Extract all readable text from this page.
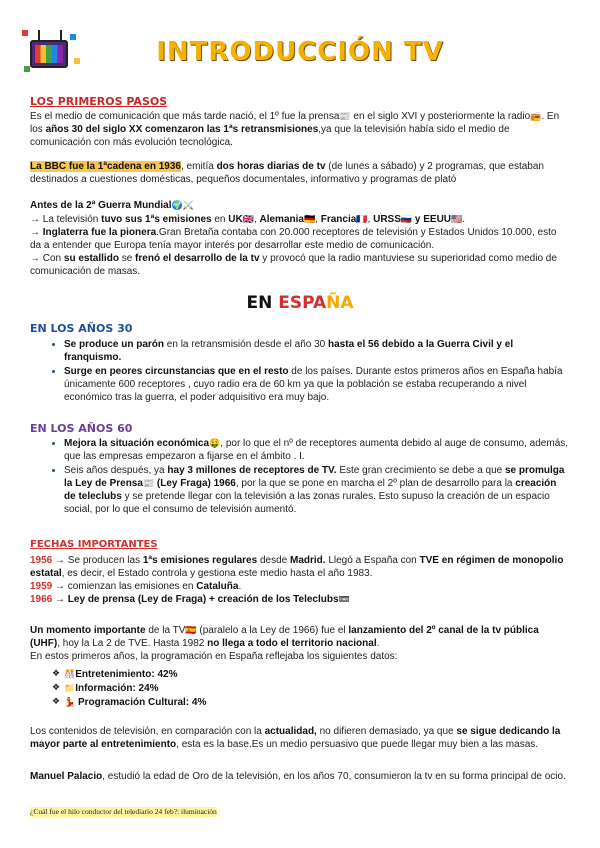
INTRODUCCIÓN TV
LOS PRIMEROS PASOS
Es el medio de comunicación que más tarde nació, el 1º fue la prensa📰 en el siglo XVI y posteriormente la radio📻. En los años 30 del siglo XX comenzaron las 1ªs retransmisiones,ya que la televisión había sido el medio de comunicación con más evolución tecnológica.
La BBC fue la 1ªcadena en 1936, emitía dos horas diarias de tv (de lunes a sábado) y 2 programas, que estaban destinados a cuestiones domésticas, pequeños documentales, informativo y programas de plató
Antes de la 2ª Guerra Mundial🌍⚔️
→ La televisión tuvo sus 1ªs emisiones en UK🇬🇧, Alemania🇩🇪, Francia🇫🇷, URSS🇷🇺 y EEUU🇺🇸.
→ Inglaterra fue la pionera.Gran Bretaña contaba con 20.000 receptores de televisión y Estados Unidos 10.000, esto da a entender que Europa tenía mayor interés por desarrollar este medio de comunicación.
→ Con su estallido se frenó el desarrollo de la tv y provocó que la radio mantuviese su superioridad como medio de comunicación de masas.
EN ESPAÑA
EN LOS AÑOS 30
• Se produce un parón en la retransmisión desde el año 30 hasta el 56 debido a la Guerra Civil y el franquismo.
• Surge en peores circunstancias que en el resto de los países. Durante estos primeros años en España había únicamente 600 receptores , cuyo radio era de 60 km ya que la población se estaba recuperando a nivel económico tras la guerra, el poder adquisitivo era muy bajo.
EN LOS AÑOS 60
• Mejora la situación económica🤑, por lo que el nº de receptores aumenta debido al auge de consumo, además, que las empresas empezaron a fijarse en el ámbito . I.
• Seis años después, ya hay 3 millones de receptores de TV. Este gran crecimiento se debe a que se promulga la Ley de Prensa📰 (Ley Fraga) 1966, por la que se pone en marcha el 2º plan de desarrollo para la creación de teleclubs y se pretende llegar con la televisión a las zonas rurales. Esto supuso la creación de un espacio social, por lo que el consumo de televisión aumentó.
FECHAS IMPORTANTES
1956 → Se producen las 1ªs emisiones regulares desde Madrid. Llegó a España con TVE en régimen de monopolio estatal, es decir, el Estado controla y gestiona este medio hasta el año 1983.
1959 → comienzan las emisiones en Cataluña.
1966 → Ley de prensa (Ley de Fraga) + creación de los Teleclubs📼
Un momento importante de la TV🇪🇸 (paralelo a la Ley de 1966) fue el lanzamiento del 2º canal de la tv pública (UHF), hoy la La 2 de TVE. Hasta 1982 no llega a todo el territorio nacional.
En estos primeros años, la programación en España reflejaba los siguientes datos:
❖ 🎊Entretenimiento: 42%
❖ 📁Información: 24%
❖ 💃 Programación Cultural: 4%
Los contenidos de televisión, en comparación con la actualidad, no difieren demasiado, ya que se sigue dedicando la mayor parte al entretenimiento, esta es la base.Es un medio persuasivo que puede llegar muy bien a las masas.
Manuel Palacio, estudió la edad de Oro de la televisión, en los años 70, consumieron la tv en su forma principal de ocio.
¿Cuál fue el hilo conductor del telediario 24 feb?: iluminación
